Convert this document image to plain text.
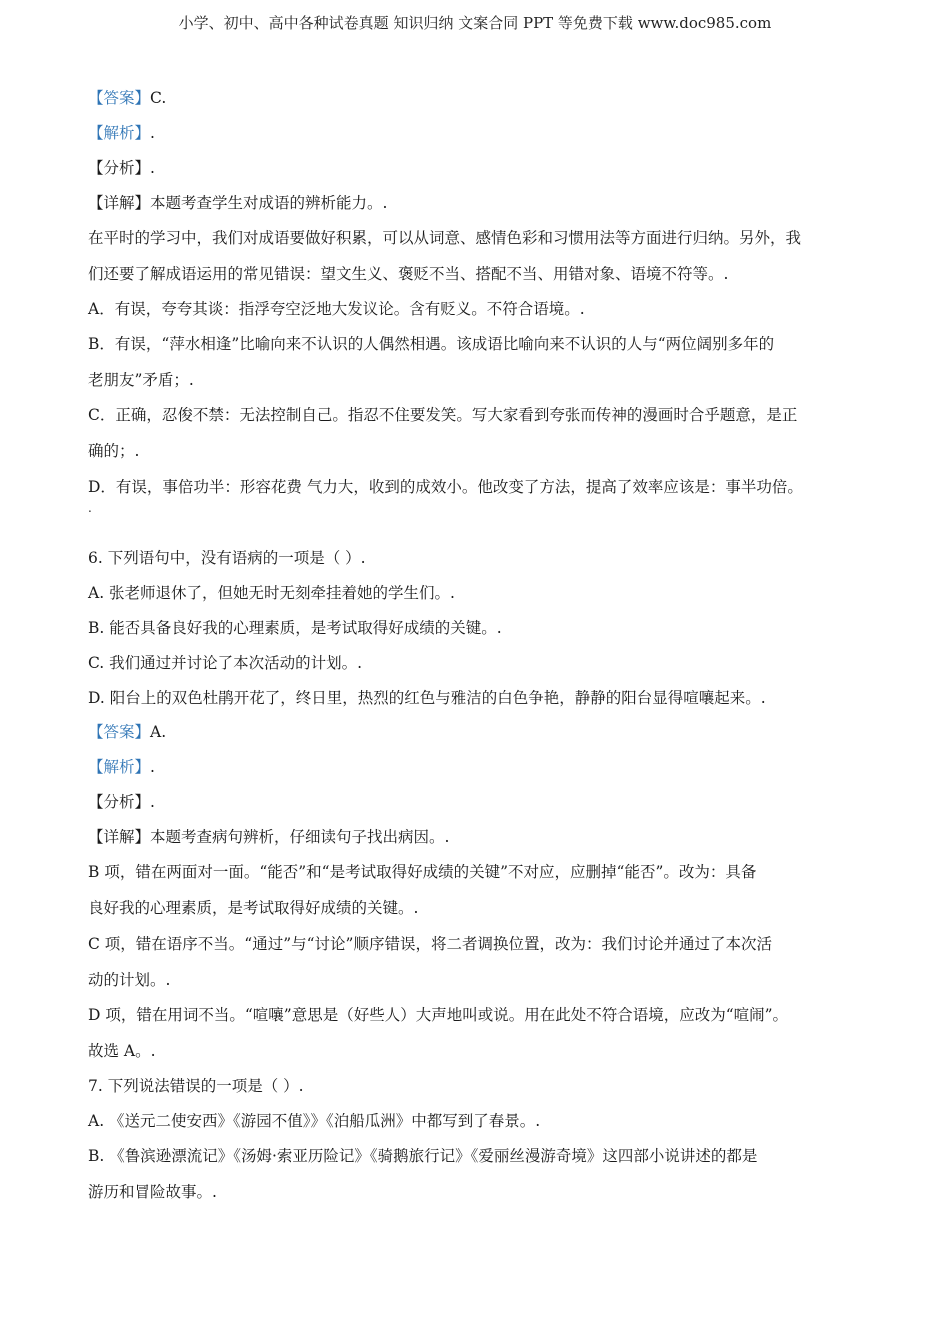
小学、初中、高中各种试卷真题 知识归纳 文案合同 PPT 等免费下载 www.doc985.com
【答案】C.
【解析】.
【分析】.
【详解】本题考查学生对成语的辨析能力。.
在平时的学习中，我们对成语要做好积累，可以从词意、感情色彩和习惯用法等方面进行归纳。另外，我
们还要了解成语运用的常见错误：望文生义、褒贬不当、搭配不当、用错对象、语境不符等。.
A．有误，夸夸其谈：指浮夸空泛地大发议论。含有贬义。不符合语境。.
B．有误，“萍水相逢”比喻向来不认识的人偶然相遇。该成语比喻向来不认识的人与“两位阔别多年的
老朋友”矛盾；.
C．正确，忍俊不禁：无法控制自己。指忍不住要发笑。写大家看到夸张而传神的漫画时合乎题意，是正
确的；.
D．有误，事倍功半：形容花费 气力大，收到的成效小。他改变了方法，提高了效率应该是：事半功倍。
.
6. 下列语句中，没有语病的一项是（ ）.
A. 张老师退休了，但她无时无刻牵挂着她的学生们。.
B. 能否具备良好我的心理素质，是考试取得好成绩的关键。.
C. 我们通过并讨论了本次活动的计划。.
D. 阳台上的双色杜鹃开花了，终日里，热烈的红色与雅洁的白色争艳，静静的阳台显得喧嚷起来。.
【答案】A.
【解析】.
【分析】.
【详解】本题考查病句辨析，仔细读句子找出病因。.
B 项，错在两面对一面。“能否”和“是考试取得好成绩的关键”不对应，应删掉“能否”。改为：具备
良好我的心理素质，是考试取得好成绩的关键。.
C 项，错在语序不当。“通过”与“讨论”顺序错误，将二者调换位置，改为：我们讨论并通过了本次活
动的计划。.
D 项，错在用词不当。“喧嚷”意思是（好些人）大声地叫或说。用在此处不符合语境，应改为“喧闹”。
故选 A。.
7. 下列说法错误的一项是（ ）.
A. 《送元二使安西》《游园不值》》《泊船瓜洲》中都写到了春景。.
B. 《鲁滨逊漂流记》《汤姆·索亚历险记》《骑鹅旅行记》《爱丽丝漫游奇境》这四部小说讲述的都是
游历和冒险故事。.
